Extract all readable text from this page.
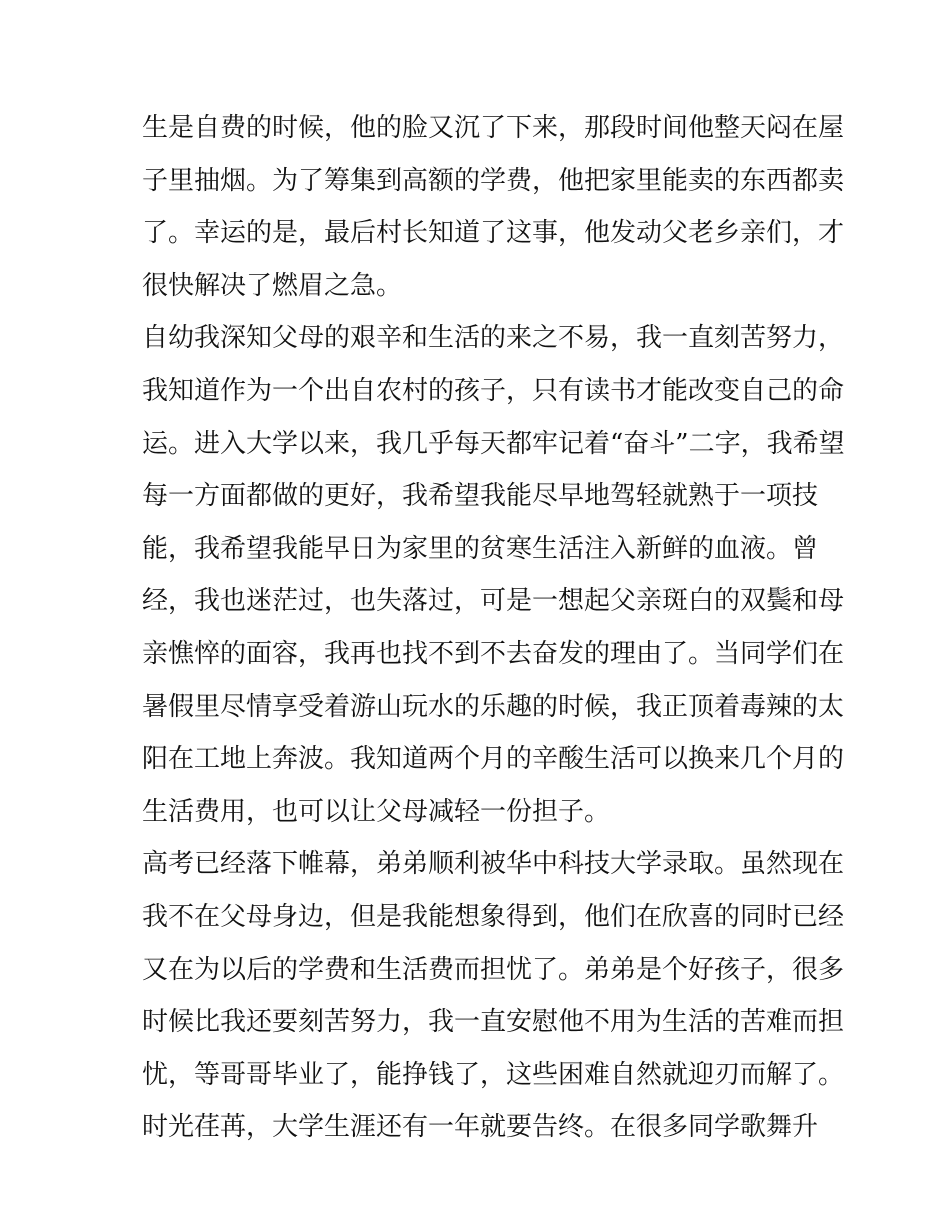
生是自费的时候，他的脸又沉了下来，那段时间他整天闷在屋
子里抽烟。为了筹集到高额的学费，他把家里能卖的东西都卖
了。幸运的是，最后村长知道了这事，他发动父老乡亲们，才
很快解决了燃眉之急。
自幼我深知父母的艰辛和生活的来之不易，我一直刻苦努力，
我知道作为一个出自农村的孩子，只有读书才能改变自己的命
运。进入大学以来，我几乎每天都牢记着“奋斗”二字，我希望
每一方面都做的更好，我希望我能尽早地驾轻就熟于一项技
能，我希望我能早日为家里的贫寒生活注入新鲜的血液。曾
经，我也迷茫过，也失落过，可是一想起父亲斑白的双鬓和母
亲憔悴的面容，我再也找不到不去奋发的理由了。当同学们在
暑假里尽情享受着游山玩水的乐趣的时候，我正顶着毒辣的太
阳在工地上奔波。我知道两个月的辛酸生活可以换来几个月的
生活费用，也可以让父母减轻一份担子。
高考已经落下帷幕，弟弟顺利被华中科技大学录取。虽然现在
我不在父母身边，但是我能想象得到，他们在欣喜的同时已经
又在为以后的学费和生活费而担忧了。弟弟是个好孩子，很多
时候比我还要刻苦努力，我一直安慰他不用为生活的苦难而担
忧，等哥哥毕业了，能挣钱了，这些困难自然就迎刃而解了。
时光荏苒，大学生涯还有一年就要告终。在很多同学歌舞升
